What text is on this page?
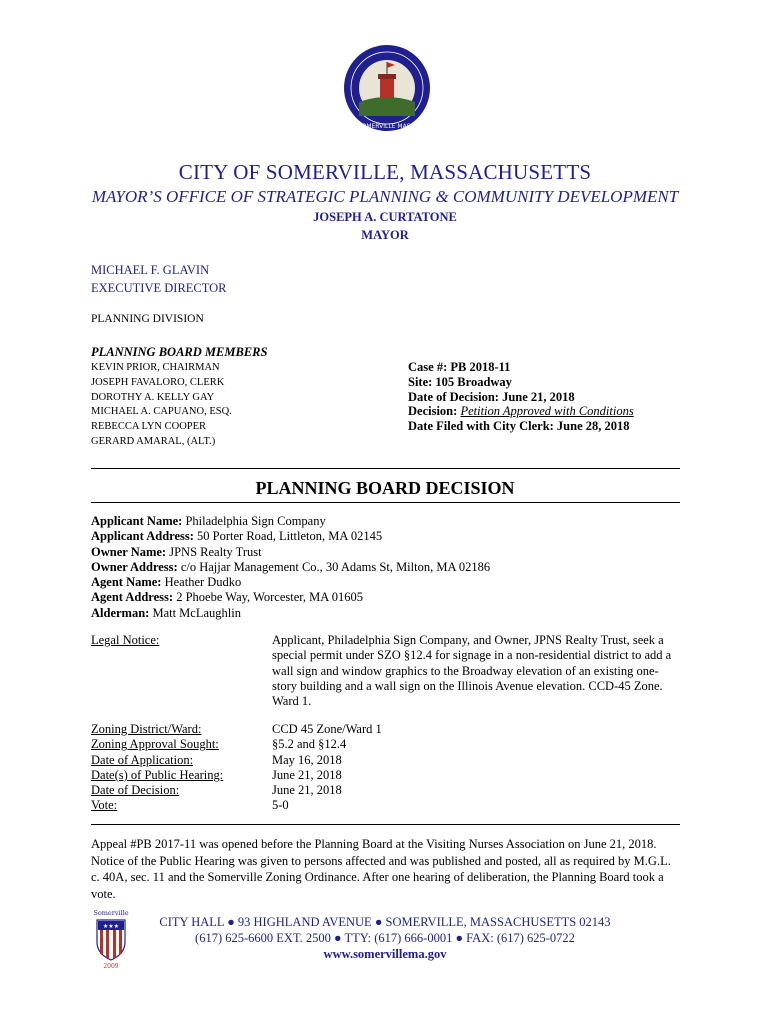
SOMERVILLE MASS.
CITY OF SOMERVILLE, MASSACHUSETTS
MAYOR’S OFFICE OF STRATEGIC PLANNING & COMMUNITY DEVELOPMENT
JOSEPH A. CURTATONE
MAYOR
MICHAEL F. GLAVIN
EXECUTIVE DIRECTOR
PLANNING DIVISION
PLANNING BOARD MEMBERS
KEVIN PRIOR, CHAIRMAN
JOSEPH FAVALORO, CLERK
DOROTHY A. KELLY GAY
MICHAEL A. CAPUANO, ESQ.
REBECCA LYN COOPER
GERARD AMARAL, (ALT.)
Case #: PB 2018-11
Site: 105 Broadway
Date of Decision: June 21, 2018
Decision: Petition Approved with Conditions
Date Filed with City Clerk: June 28, 2018
PLANNING BOARD DECISION
Applicant Name: Philadelphia Sign Company
Applicant Address: 50 Porter Road, Littleton, MA 02145
Owner Name: JPNS Realty Trust
Owner Address: c/o Hajjar Management Co., 30 Adams St, Milton, MA 02186
Agent Name: Heather Dudko
Agent Address: 2 Phoebe Way, Worcester, MA 01605
Alderman: Matt McLaughlin
Legal Notice:	Applicant, Philadelphia Sign Company, and Owner, JPNS Realty Trust, seek a special permit under SZO §12.4 for signage in a non-residential district to add a wall sign and window graphics to the Broadway elevation of an existing one-story building and a wall sign on the Illinois Avenue elevation. CCD-45 Zone. Ward 1.
Zoning District/Ward:
Zoning Approval Sought:
Date of Application:
Date(s) of Public Hearing:
Date of Decision:
Vote:
CCD 45 Zone/Ward 1
§5.2 and §12.4
May 16, 2018
June 21, 2018
June 21, 2018
5-0
Appeal #PB 2017-11 was opened before the Planning Board at the Visiting Nurses Association on June 21, 2018. Notice of the Public Hearing was given to persons affected and was published and posted, all as required by M.G.L. c. 40A, sec. 11 and the Somerville Zoning Ordinance. After one hearing of deliberation, the Planning Board took a vote.
Somerville
★★★
2009
CITY HALL ● 93 HIGHLAND AVENUE ● SOMERVILLE, MASSACHUSETTS 02143
(617) 625-6600 EXT. 2500 ● TTY: (617) 666-0001 ● FAX: (617) 625-0722
www.somervillema.gov
